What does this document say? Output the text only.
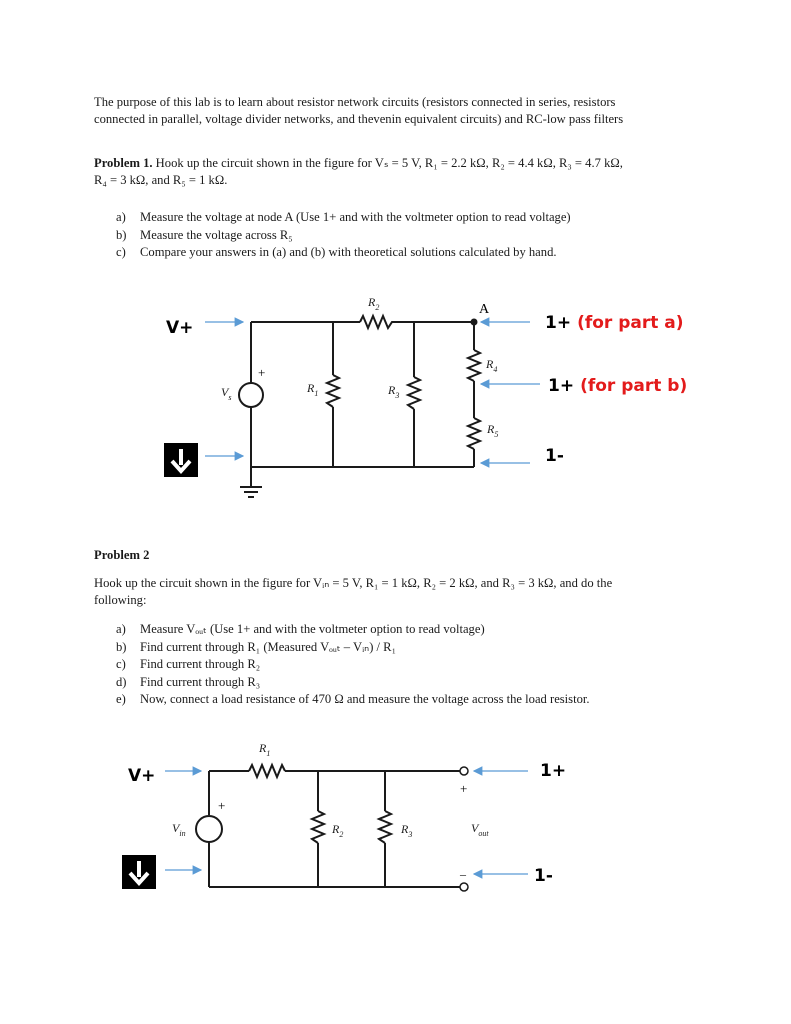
The purpose of this lab is to learn about resistor network circuits (resistors connected in series, resistors
connected in parallel, voltage divider networks, and thevenin equivalent circuits) and RC-low pass filters
Problem 1. Hook up the circuit shown in the figure for Vₛ = 5 V, R₁ = 2.2 kΩ, R₂ = 4.4 kΩ, R₃ = 4.7 kΩ,
R₄ = 3 kΩ, and R₅ = 1 kΩ.
a)	Measure the voltage at node A (Use 1+ and with the voltmeter option to read voltage)
b)	Measure the voltage across R₅
c)	Compare your answers in (a) and (b) with theoretical solutions calculated by hand.
$R_2$	A
$R_4$
$R_1$	$R_3$
$R_5$
$V_s$
+
V+	1+ (for part a)
1+ (for part b)
1-
Problem 2
Hook up the circuit shown in the figure for Vᵢₙ = 5 V, R₁ = 1 kΩ, R₂ = 2 kΩ, and R₃ = 3 kΩ, and do the
following:
a)	Measure Vₒᵤₜ (Use 1+ and with the voltmeter option to read voltage)
b)	Find current through R₁ (Measured Vₒᵤₜ – Vᵢₙ) / R₁
c)	Find current through R₂
d)	Find current through R₃
e)	Now, connect a load resistance of 470 Ω and measure the voltage across the load resistor.
$R_1$
$R_2$	$R_3$
$V_{in}$	$V_{out}$
+
+
–
V+	1+
1-
